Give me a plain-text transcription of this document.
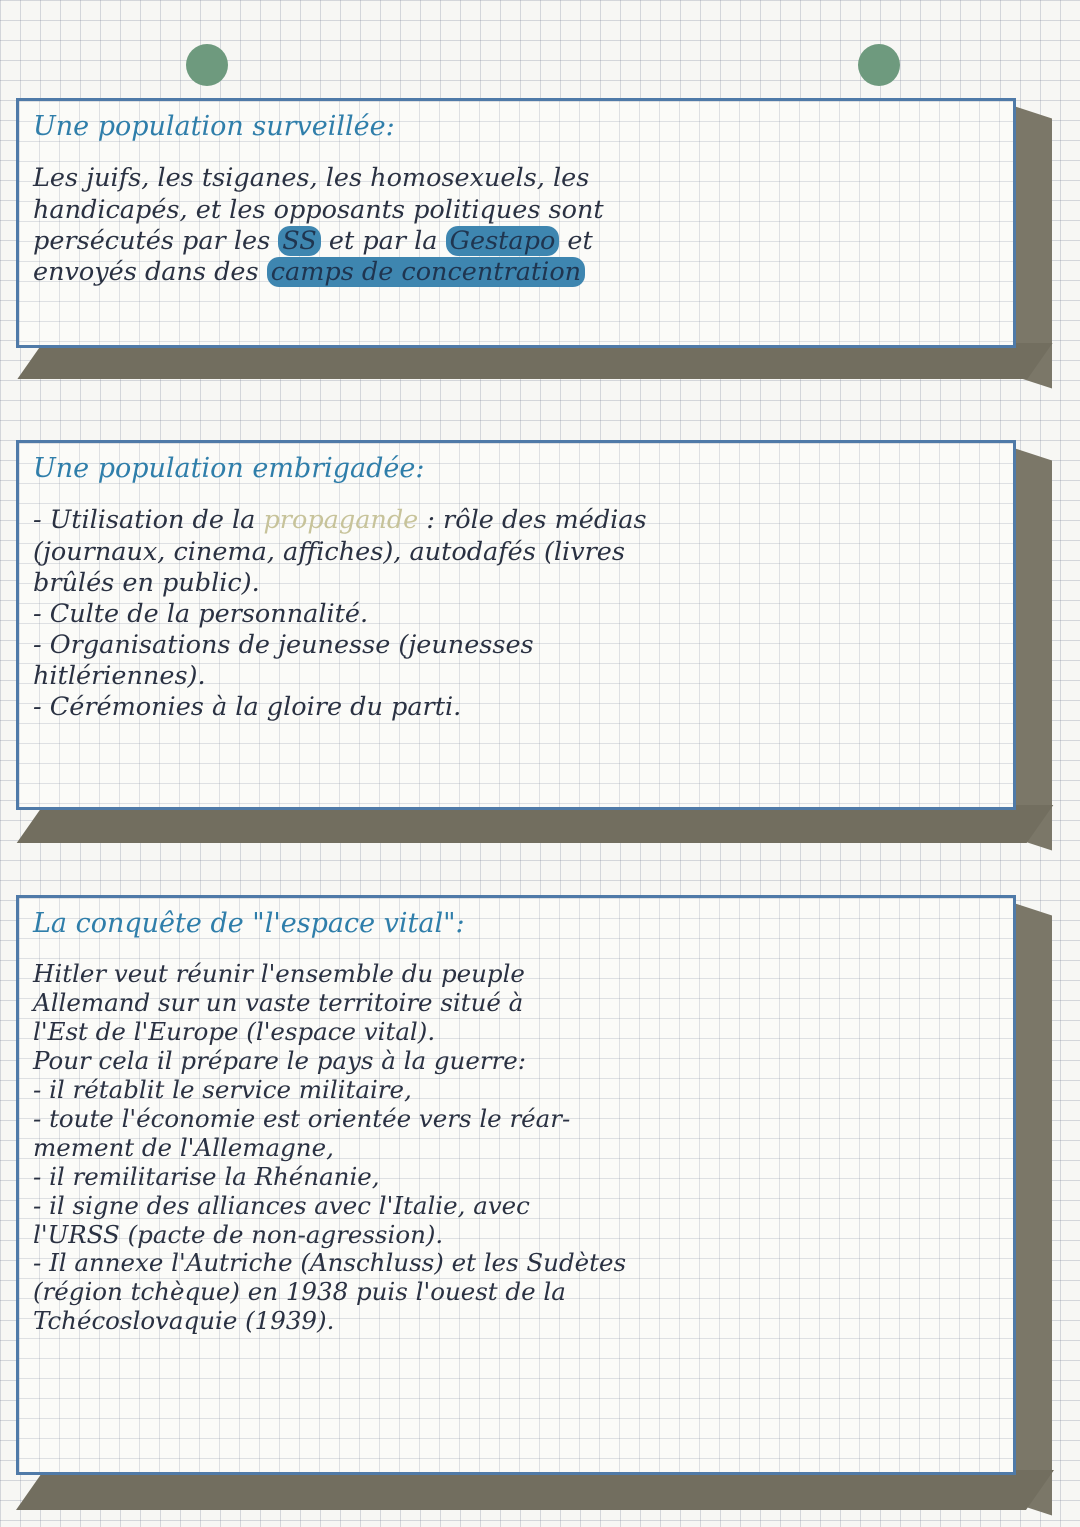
Une population surveillée:
Les juifs, les tsiganes, les homosexuels, les
handicapés, et les opposants politiques sont
persécutés par les SS et par la Gestapo et
envoyés dans des camps de concentration
Une population embrigadée:
- Utilisation de la propagande : rôle des médias
(journaux, cinema, affiches), autodafés (livres
brûlés en public).
- Culte de la personnalité.
- Organisations de jeunesse (jeunesses
hitlériennes).
- Cérémonies à la gloire du parti.
La conquête de "l'espace vital":
Hitler veut réunir l'ensemble du peuple
Allemand sur un vaste territoire situé à
l'Est de l'Europe (l'espace vital).
Pour cela il prépare le pays à la guerre:
- il rétablit le service militaire,
- toute l'économie est orientée vers le réar-
mement de l'Allemagne,
- il remilitarise la Rhénanie,
- il signe des alliances avec l'Italie, avec
l'URSS (pacte de non-agression).
- Il annexe l'Autriche (Anschluss) et les Sudètes
(région tchèque) en 1938 puis l'ouest de la
Tchécoslovaquie (1939).
